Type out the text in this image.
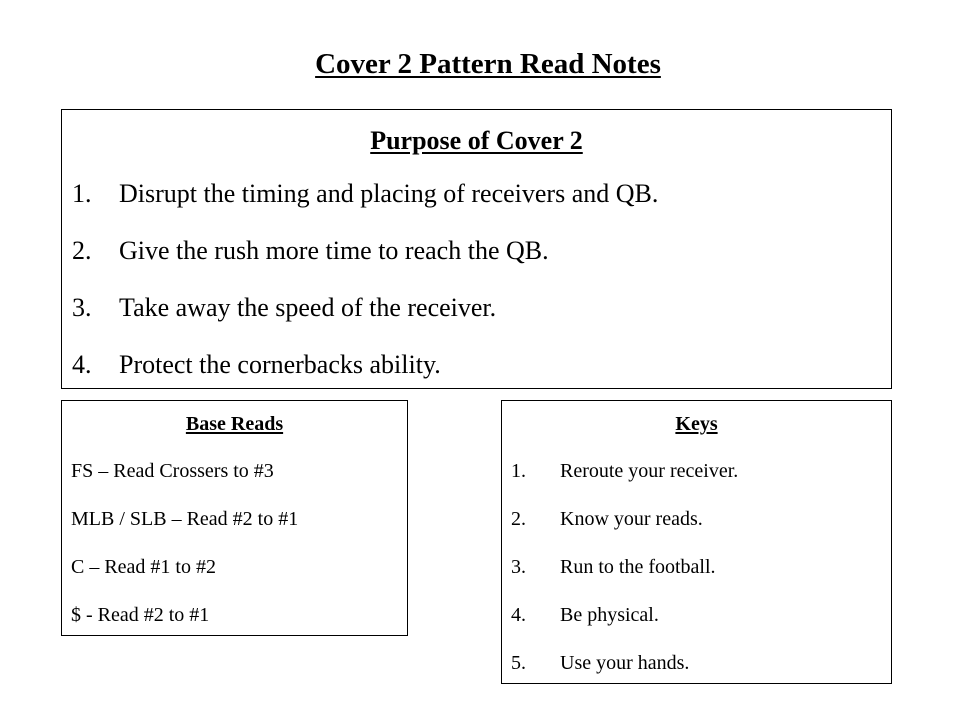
Cover 2 Pattern Read Notes
Purpose of Cover 2
1.	Disrupt the timing and placing of receivers and QB.
2.	Give the rush more time to reach the QB.
3.	Take away the speed of the receiver.
4.	Protect the cornerbacks ability.
Base Reads
FS – Read Crossers to #3
MLB / SLB – Read #2 to #1
C – Read #1 to #2
$ - Read #2 to #1
Keys
1.	Reroute your receiver.
2.	Know your reads.
3.	Run to the football.
4.	Be physical.
5.	Use your hands.
